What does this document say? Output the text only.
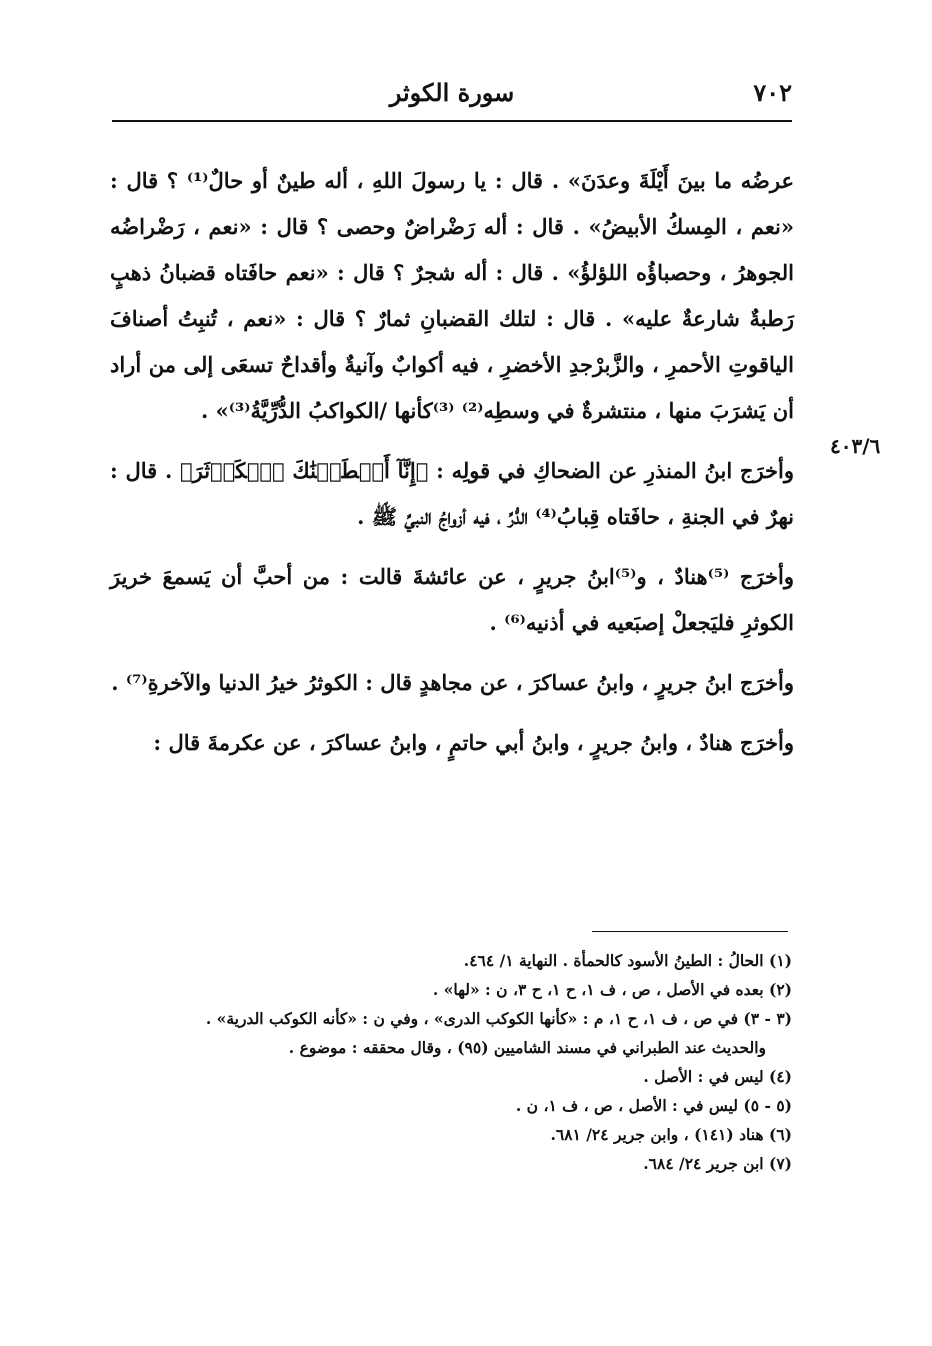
٧٠٢
سورة الكوثر
٤٠٣/٦

عرضُه ما بينَ أَيْلَةَ وعدَنَ» . قال : يا رسولَ اللهِ ، أله طينٌ أو حالٌ⁽¹⁾ ؟ قال : «نعم ، المِسكُ الأبيضُ» . قال : أله رَضْراضٌ وحصى ؟ قال : «نعم ، رَضْراضُه الجوهرُ ، وحصباؤُه اللؤلؤُ» . قال : أله شجرٌ ؟ قال : «نعم حافَتاه قضبانُ ذهبٍ رَطبةٌ شارعةٌ عليه» . قال : لتلك القضبانِ ثمارٌ ؟ قال : «نعم ، تُنبِتُ أصنافَ الياقوتِ الأحمرِ ، والزَّبرْجدِ الأخضرِ ، فيه أكوابٌ وآنيةٌ وأقداحٌ تسعَى إلى من أراد أن يَشرَبَ منها ، منتشرةٌ في وسطِه⁽²⁾ ⁽³⁾كأنها /الكواكبُ الدُّرِّيَّةُ⁽³⁾» .

وأخرَج ابنُ المنذرِ عن الضحاكِ في قولِه : ﴿إِنَّآ أَعۡطَيۡنَٰكَ ٱلۡكَوۡثَرَ﴾ . قال : نهرٌ في الجنةِ ، حافَتاه قِبابُ⁽⁴⁾ الدُّرِّ ، فيه أزواجُ النبيِّ ﷺ .

وأخرَج ⁽⁵⁾هنادٌ ، و⁽⁵⁾ابنُ جريرٍ ، عن عائشةَ قالت : من أحبَّ أن يَسمعَ خريرَ الكوثرِ فليَجعلْ إصبَعيه في أذنيه⁽⁶⁾ .

وأخرَج ابنُ جريرٍ ، وابنُ عساكرَ ، عن مجاهدٍ قال : الكوثرُ خيرُ الدنيا والآخرةِ⁽⁷⁾ .

وأخرَج هنادٌ ، وابنُ جريرٍ ، وابنُ أبي حاتمٍ ، وابنُ عساكرَ ، عن عكرمةَ قال :

(١) الحالُ : الطينُ الأسود كالحمأة . النهاية ١/ ٤٦٤.

(٢) بعده في الأصل ، ص ، ف ١، ح ١، ح ٣، ن : «لها» .

(٣ - ٣) في ص ، ف ١، ح ١، م : «كأنها الكوكب الدرى» ، وفي ن : «كأنه الكوكب الدرية» .

والحديث عند الطبراني في مسند الشاميين (٩٥) ، وقال محققه : موضوع .

(٤) ليس في : الأصل .

(٥ - ٥) ليس في : الأصل ، ص ، ف ١، ن .

(٦) هناد (١٤١) ، وابن جرير ٢٤/ ٦٨١.

(٧) ابن جرير ٢٤/ ٦٨٤.
